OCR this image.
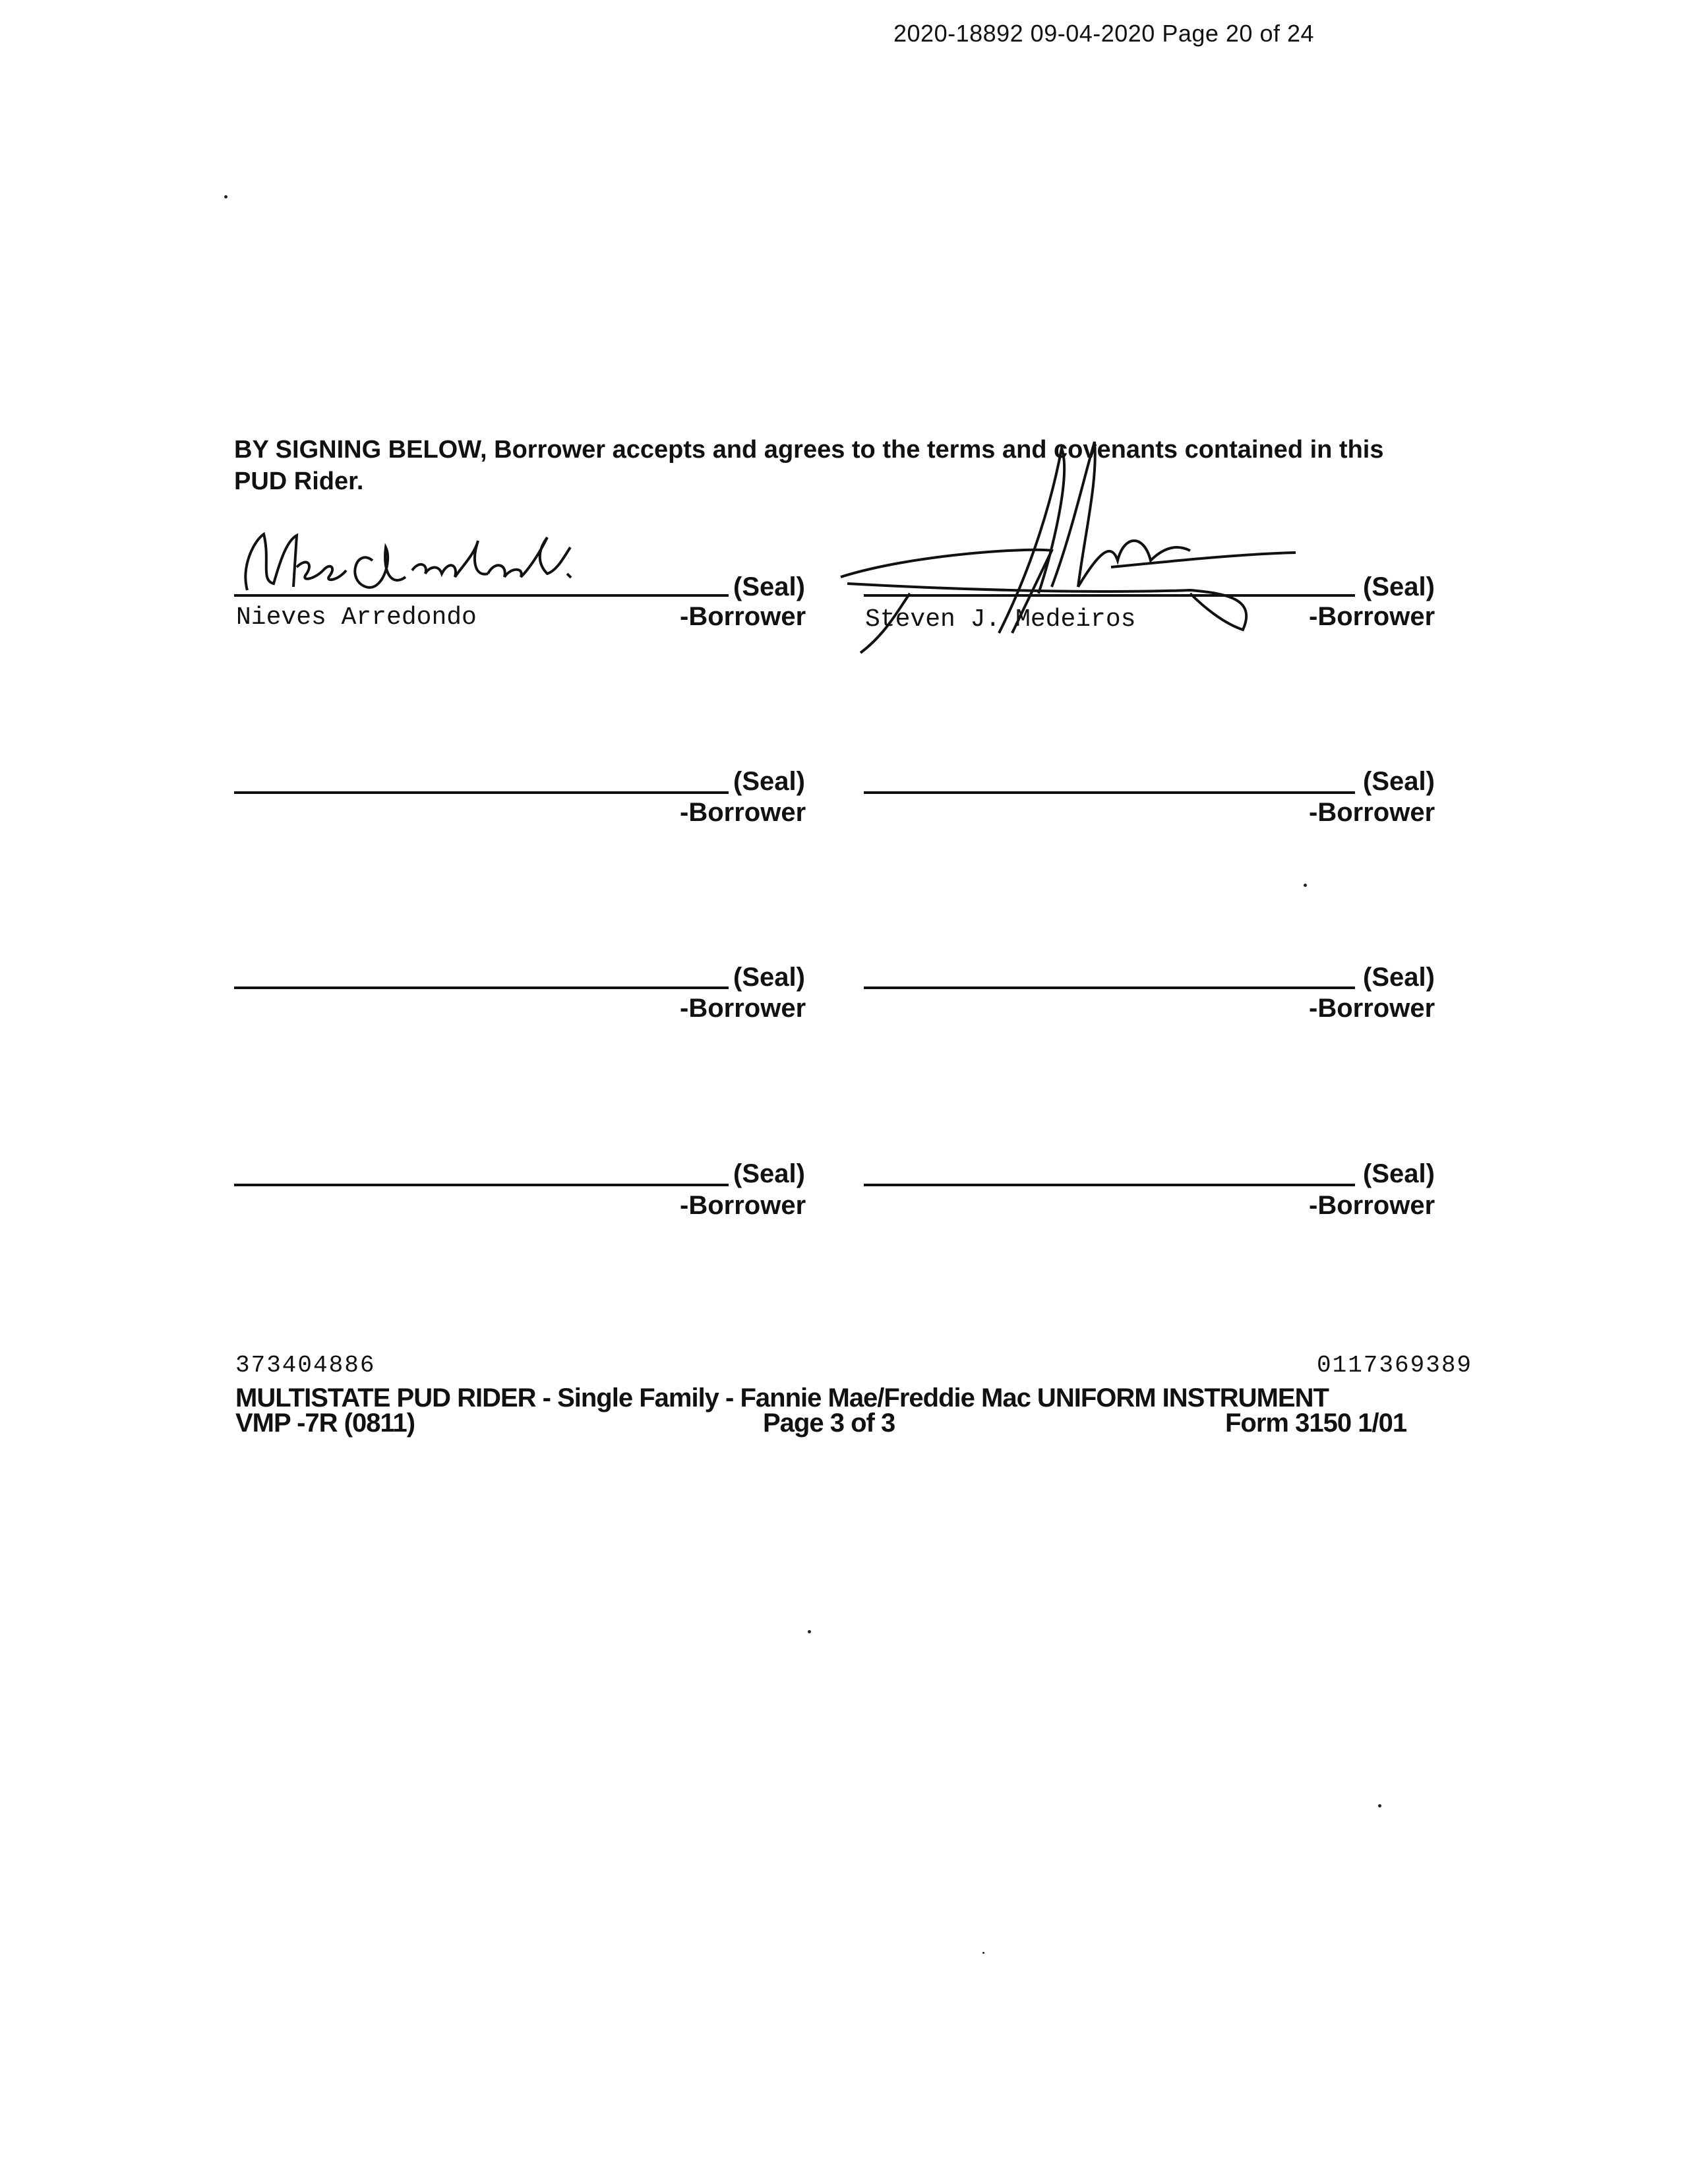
2020-18892 09-04-2020 Page 20 of 24
BY SIGNING BELOW, Borrower accepts and agrees to the terms and covenants contained in this PUD Rider.
(Seal)
Nieves Arredondo	-Borrower
(Seal)
Steven J. Medeiros	-Borrower
(Seal)
-Borrower
(Seal)
-Borrower
(Seal)
-Borrower
(Seal)
-Borrower
(Seal)
-Borrower
(Seal)
-Borrower
373404886	0117369389
MULTISTATE PUD RIDER - Single Family - Fannie Mae/Freddie Mac UNIFORM INSTRUMENT
VMP -7R (0811)	Page 3 of 3	Form 3150 1/01
